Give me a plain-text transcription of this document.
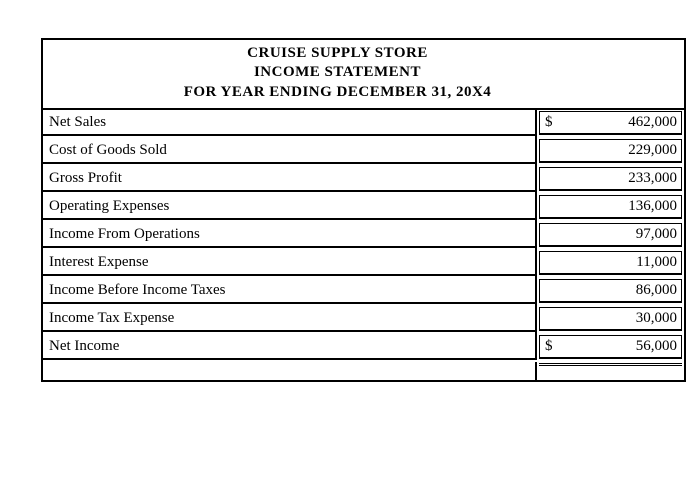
CRUISE SUPPLY STORE
INCOME STATEMENT
FOR YEAR ENDING DECEMBER 31, 20X4
Net Sales	$	462,000
Cost of Goods Sold	229,000
Gross Profit	233,000
Operating Expenses	136,000
Income From Operations	97,000
Interest Expense	11,000
Income Before Income Taxes	86,000
Income Tax Expense	30,000
Net Income	$	56,000
